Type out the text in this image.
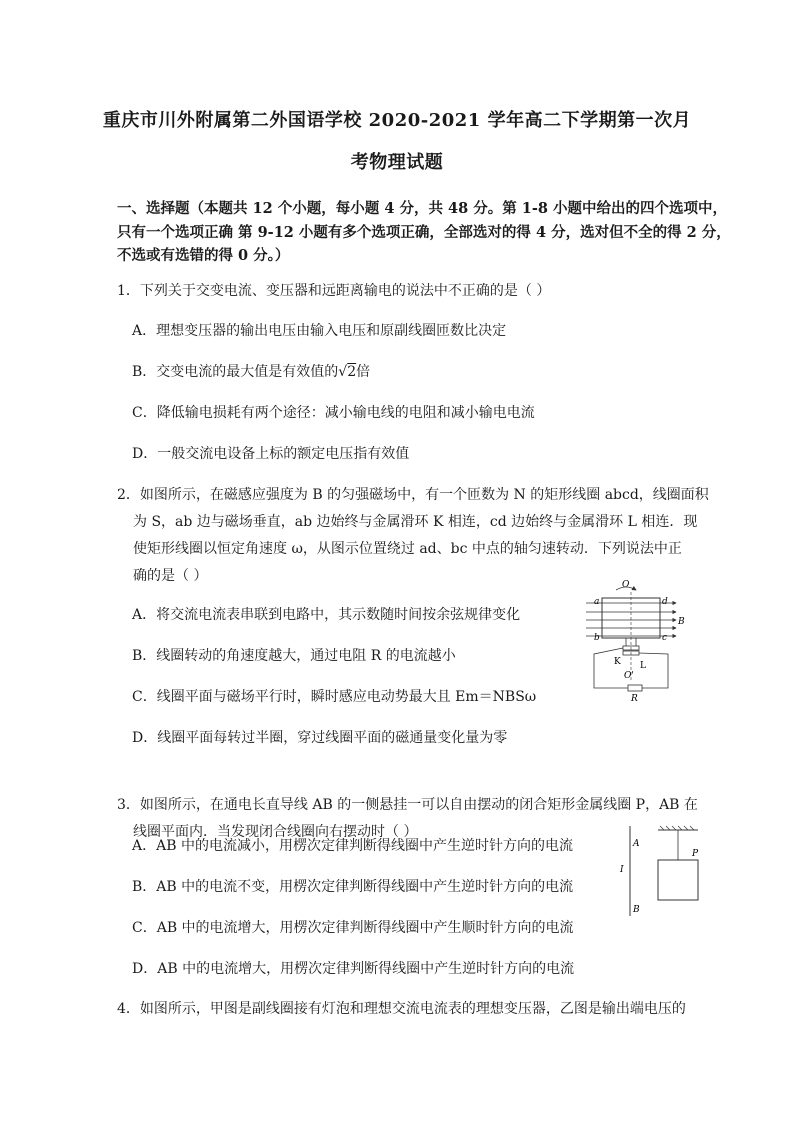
重庆市川外附属第二外国语学校 2020-2021 学年高二下学期第一次月
考物理试题
一、选择题（本题共 12 个小题，每小题 4 分，共 48 分。第 1-8 小题中给出的四个选项中，
只有一个选项正确 第 9-12 小题有多个选项正确，全部选对的得 4 分，选对但不全的得 2 分，
不选或有选错的得 0 分。）
1．下列关于交变电流、变压器和远距离输电的说法中不正确的是（ ）
A．理想变压器的输出电压由输入电压和原副线圈匝数比决定
B．交变电流的最大值是有效值的√2倍
C．降低输电损耗有两个途径：减小输电线的电阻和减小输电电流
D．一般交流电设备上标的额定电压指有效值
2．如图所示，在磁感应强度为 B 的匀强磁场中，有一个匝数为 N 的矩形线圈 abcd，线圈面积
为 S，ab 边与磁场垂直，ab 边始终与金属滑环 K 相连，cd 边始终与金属滑环 L 相连．现
使矩形线圈以恒定角速度 ω，从图示位置绕过 ad、bc 中点的轴匀速转动．下列说法中正
确的是（ ）
A．将交流电流表串联到电路中，其示数随时间按余弦规律变化
B．线圈转动的角速度越大，通过电阻 R 的电流越小
C．线圈平面与磁场平行时，瞬时感应电动势最大且 Em＝NBSω
D．线圈平面每转过半圈，穿过线圈平面的磁通量变化量为零
O
a	d
b	c
B
K L
O'
R
3．如图所示，在通电长直导线 AB 的一侧悬挂一可以自由摆动的闭合矩形金属线圈 P，AB 在
线圈平面内．当发现闭合线圈向右摆动时（ ）
A．AB 中的电流减小，用楞次定律判断得线圈中产生逆时针方向的电流
B．AB 中的电流不变，用楞次定律判断得线圈中产生逆时针方向的电流
C．AB 中的电流增大，用楞次定律判断得线圈中产生顺时针方向的电流
D．AB 中的电流增大，用楞次定律判断得线圈中产生逆时针方向的电流
A
I
B
P
4．如图所示，甲图是副线圈接有灯泡和理想交流电流表的理想变压器，乙图是输出端电压的
